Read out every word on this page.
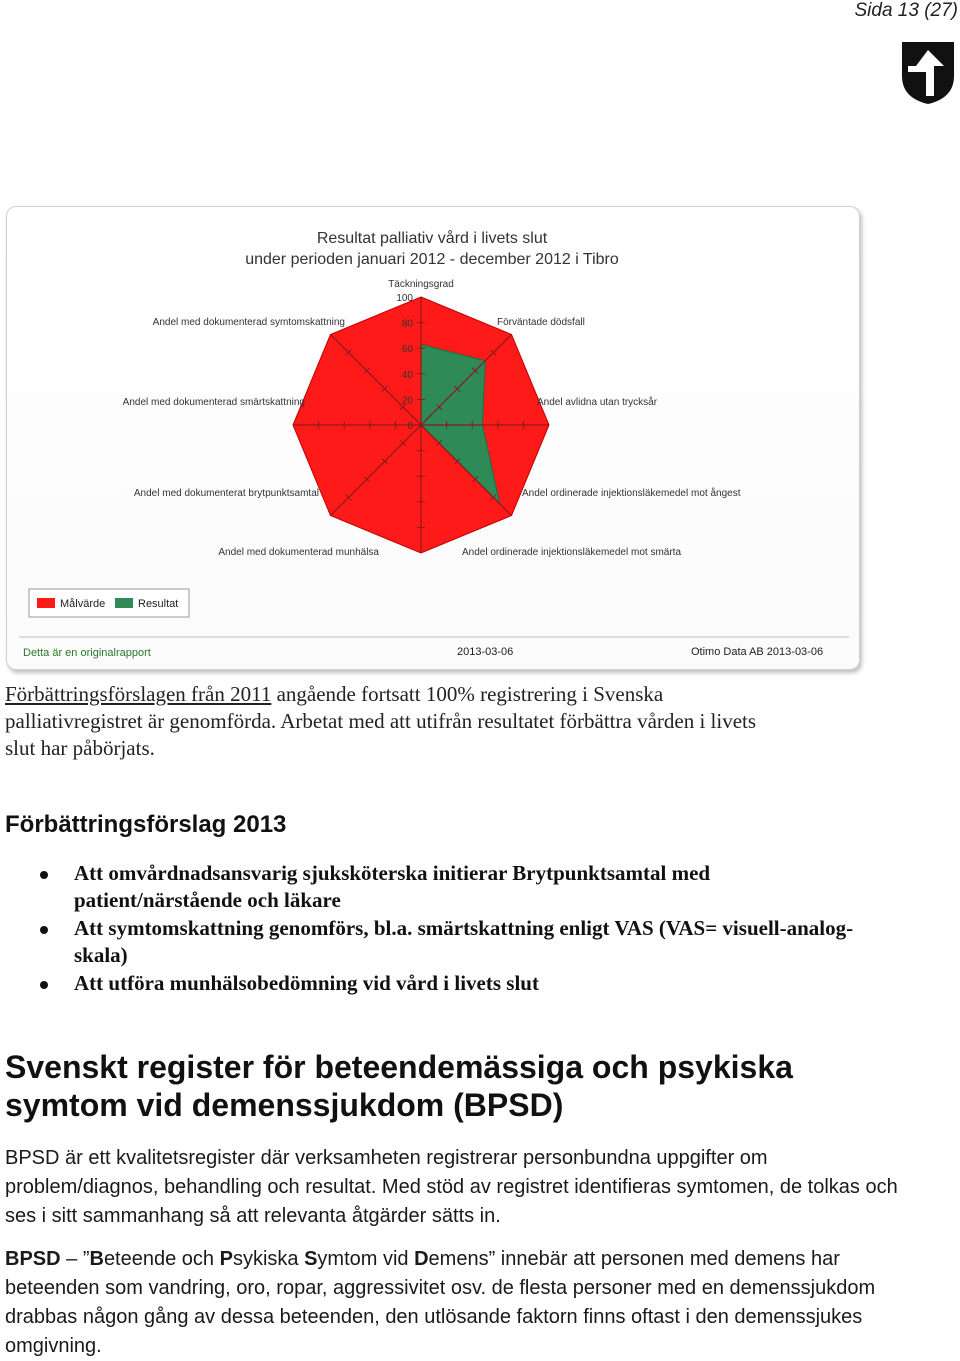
Sida 13 (27)
Resultat palliativ vård i livets slut
under perioden januari 2012 - december 2012 i Tibro
100
80
60
40
20
0
Förväntade dödsfall
Andel avlidna utan trycksår
Andel ordinerade injektionsläkemedel mot ångest
Andel ordinerade injektionsläkemedel mot smärta
Andel med dokumenterad munhälsa
Andel med dokumenterat brytpunktsamtal
Andel med dokumenterad smärtskattning
Andel med dokumenterad symtomskattning
Täckningsgrad
Målvärde	Resultat
Detta är en originalrapport	2013-03-06	Otimo Data AB 2013-03-06
Förbättringsförslagen från 2011 angående fortsatt 100% registrering i Svenska
palliativregistret är genomförda. Arbetat med att utifrån resultatet förbättra vården i livets
slut har påbörjats.
Förbättringsförslag 2013
Att omvårdnadsansvarig sjuksköterska initierar Brytpunktsamtal med patient/närstående och läkare
Att symtomskattning genomförs, bl.a. smärtskattning enligt VAS (VAS= visuell-analog-skala)
Att utföra munhälsobedömning vid vård i livets slut
Svenskt register för beteendemässiga och psykiska symtom vid demenssjukdom (BPSD)
BPSD är ett kvalitetsregister där verksamheten registrerar personbundna uppgifter om problem/diagnos, behandling och resultat. Med stöd av registret identifieras symtomen, de tolkas och ses i sitt sammanhang så att relevanta åtgärder sätts in.
BPSD – ”Beteende och Psykiska Symtom vid Demens” innebär att personen med demens har beteenden som vandring, oro, ropar, aggressivitet osv. de flesta personer med en demenssjukdom drabbas någon gång av dessa beteenden, den utlösande faktorn finns oftast i den demenssjukes omgivning.
